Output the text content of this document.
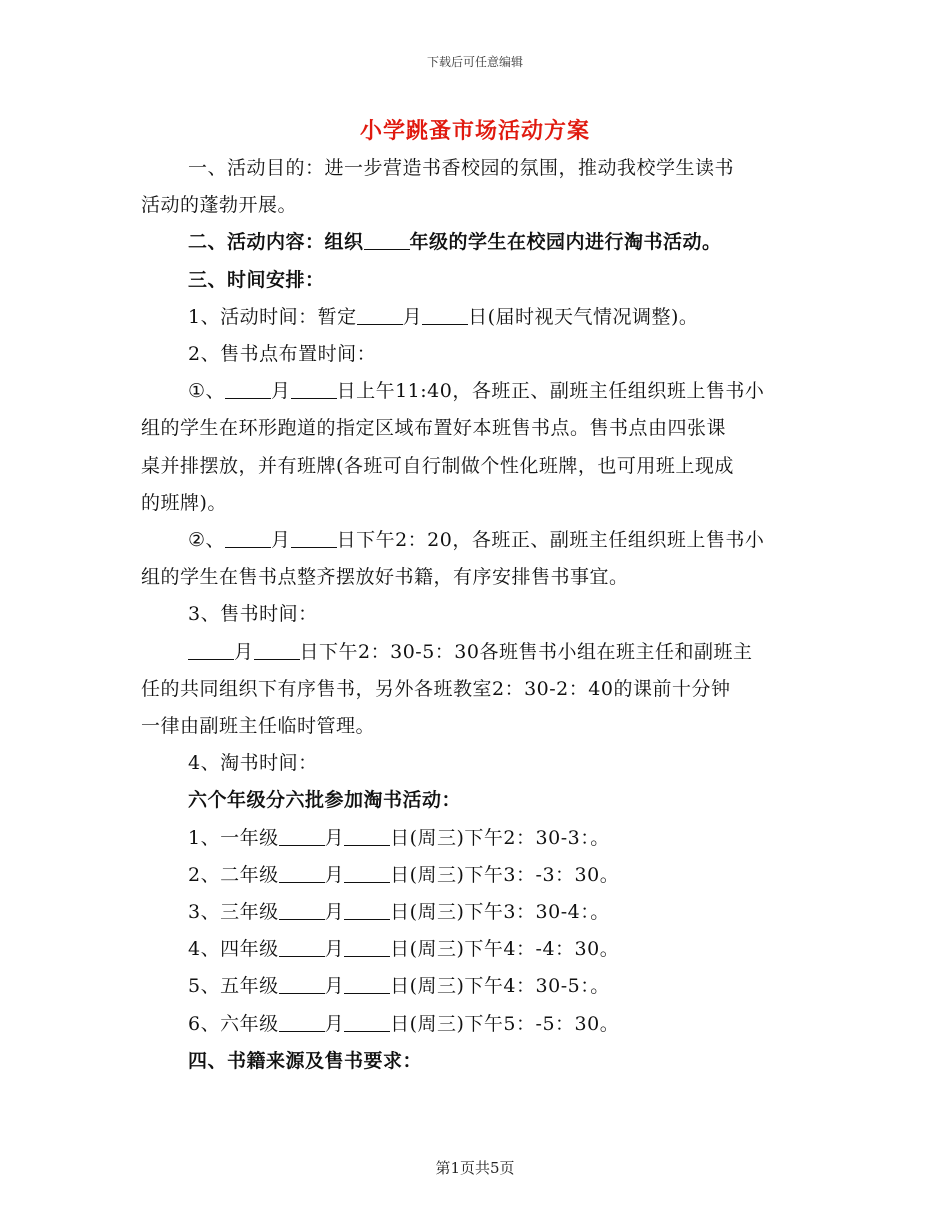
下载后可任意编辑
小学跳蚤市场活动方案

一、活动目的：进一步营造书香校园的氛围，推动我校学生读书

活动的蓬勃开展。

二、活动内容：组织 年级的学生在校园内进行淘书活动。

三、时间安排：

1、活动时间：暂定 月 日(届时视天气情况调整)。

2、售书点布置时间：

①、 月 日上午11:40，各班正、副班主任组织班上售书小

组的学生在环形跑道的指定区域布置好本班售书点。售书点由四张课

桌并排摆放，并有班牌(各班可自行制做个性化班牌，也可用班上现成

的班牌)。

②、 月 日下午2：20，各班正、副班主任组织班上售书小

组的学生在售书点整齐摆放好书籍，有序安排售书事宜。

3、售书时间：

月 日下午2：30-5：30各班售书小组在班主任和副班主

任的共同组织下有序售书，另外各班教室2：30-2：40的课前十分钟

一律由副班主任临时管理。

4、淘书时间：

六个年级分六批参加淘书活动：

1、一年级 月 日(周三)下午2：30-3：。

2、二年级 月 日(周三)下午3：-3：30。

3、三年级 月 日(周三)下午3：30-4：。

4、四年级 月 日(周三)下午4：-4：30。

5、五年级 月 日(周三)下午4：30-5：。

6、六年级 月 日(周三)下午5：-5：30。

四、书籍来源及售书要求：

第1页共5页
